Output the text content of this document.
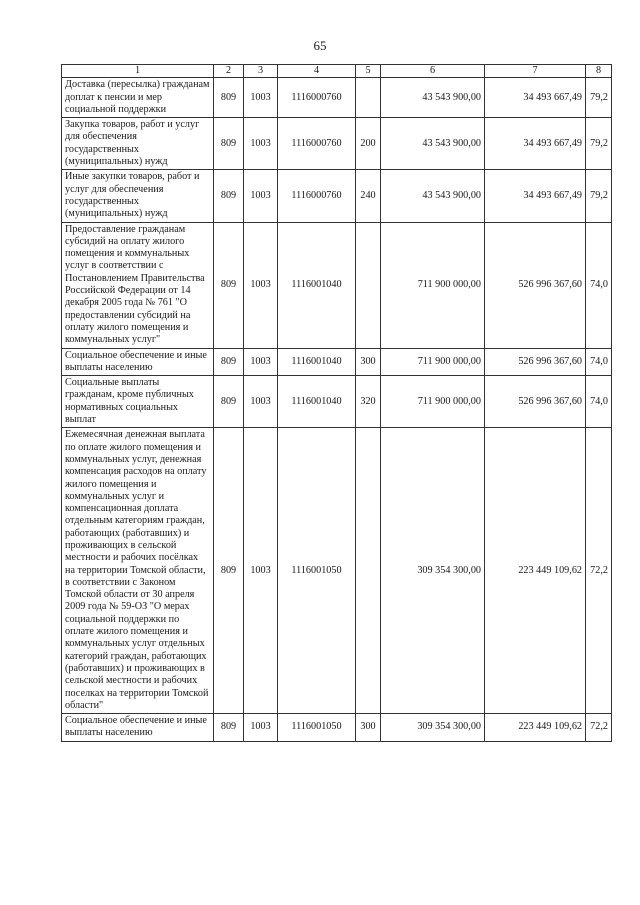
65
1	2	3	4	5	6	7	8
Доставка (пересылка) гражданам доплат к пенсии и мер социальной поддержки	809	1003	1116000760		43 543 900,00	34 493 667,49	79,2
Закупка товаров, работ и услуг для обеспечения государственных (муниципальных) нужд	809	1003	1116000760	200	43 543 900,00	34 493 667,49	79,2
Иные закупки товаров, работ и услуг для обеспечения государственных (муниципальных) нужд	809	1003	1116000760	240	43 543 900,00	34 493 667,49	79,2
Предоставление гражданам субсидий на оплату жилого помещения и коммунальных услуг в соответствии с Постановлением Правительства Российской Федерации от 14 декабря 2005 года № 761 "О предоставлении субсидий на оплату жилого помещения и коммунальных услуг"	809	1003	1116001040		711 900 000,00	526 996 367,60	74,0
Социальное обеспечение и иные выплаты населению	809	1003	1116001040	300	711 900 000,00	526 996 367,60	74,0
Социальные выплаты гражданам, кроме публичных нормативных социальных выплат	809	1003	1116001040	320	711 900 000,00	526 996 367,60	74,0
Ежемесячная денежная выплата по оплате жилого помещения и коммунальных услуг, денежная компенсация расходов на оплату жилого помещения и коммунальных услуг и компенсационная доплата отдельным категориям граждан, работающих (работавших) и проживающих в сельской местности и рабочих посёлках на территории Томской области, в соответствии с Законом Томской области от 30 апреля 2009 года № 59-ОЗ "О мерах социальной поддержки по оплате жилого помещения и коммунальных услуг отдельных категорий граждан, работающих (работавших) и проживающих в сельской местности и рабочих поселках на территории Томской области"	809	1003	1116001050		309 354 300,00	223 449 109,62	72,2
Социальное обеспечение и иные выплаты населению	809	1003	1116001050	300	309 354 300,00	223 449 109,62	72,2
